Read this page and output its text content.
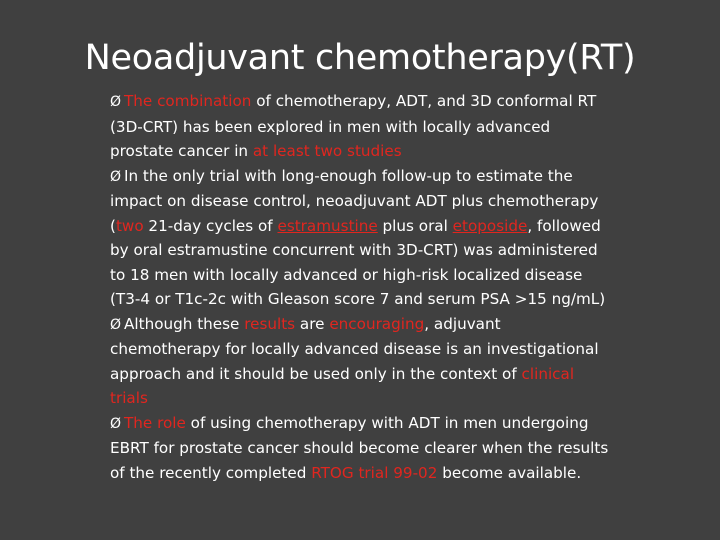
Neoadjuvant chemotherapy(RT)

Ø The combination of chemotherapy, ADT, and 3D conformal RT (3D-CRT) has been explored in men with locally advanced prostate cancer in at least two studies

Ø In the only trial with long-enough follow-up to estimate the impact on disease control, neoadjuvant ADT plus chemotherapy (two 21-day cycles of estramustine plus oral etoposide, followed by oral estramustine concurrent with 3D-CRT) was administered to 18 men with locally advanced or high-risk localized disease (T3-4 or T1c-2c with Gleason score 7 and serum PSA >15 ng/mL)

Ø Although these results are encouraging, adjuvant chemotherapy for locally advanced disease is an investigational approach and it should be used only in the context of clinical trials

Ø The role of using chemotherapy with ADT in men undergoing EBRT for prostate cancer should become clearer when the results of the recently completed RTOG trial 99-02 become available.
